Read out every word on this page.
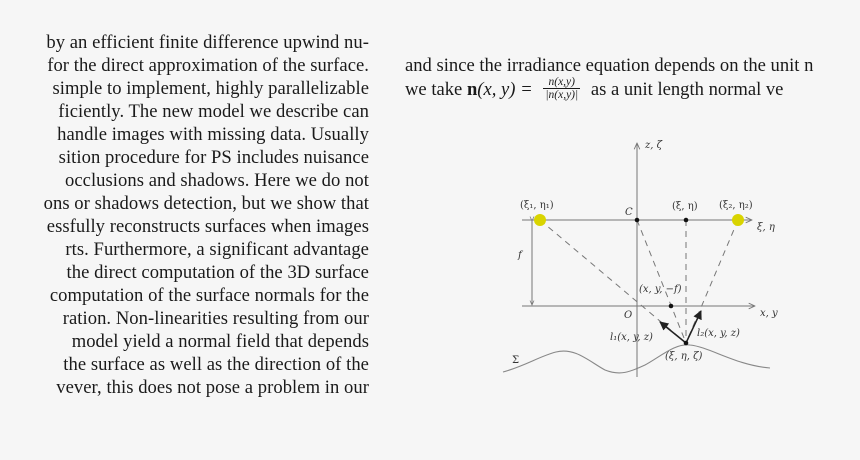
by an efficient finite difference upwind nu-
for the direct approximation of the surface.
simple to implement, highly parallelizable
ficiently. The new model we describe can
handle images with missing data. Usually
sition procedure for PS includes nuisance
occlusions and shadows. Here we do not
ons or shadows detection, but we show that
essfully reconstructs surfaces when images
rts. Furthermore, a significant advantage
the direct computation of the 3D surface
computation of the surface normals for the
ration. Non-linearities resulting from our
model yield a normal field that depends
the surface as well as the direction of the
vever, this does not pose a problem in our
and since the irradiance equation depends on the unit n
we take n(x, $y) = \frac{n(x,y)}{|n(x,y)|}$ as a unit length normal ve
z, ζ
ξ, η
x, y
(ξ₁, η₁)	(ξ₂, η₂)
(ξ, η)
C
O
f
(x, y, −f)
l₁(x, y, z)	l₂(x, y, z)
(ξ, η, ζ)
Σ
